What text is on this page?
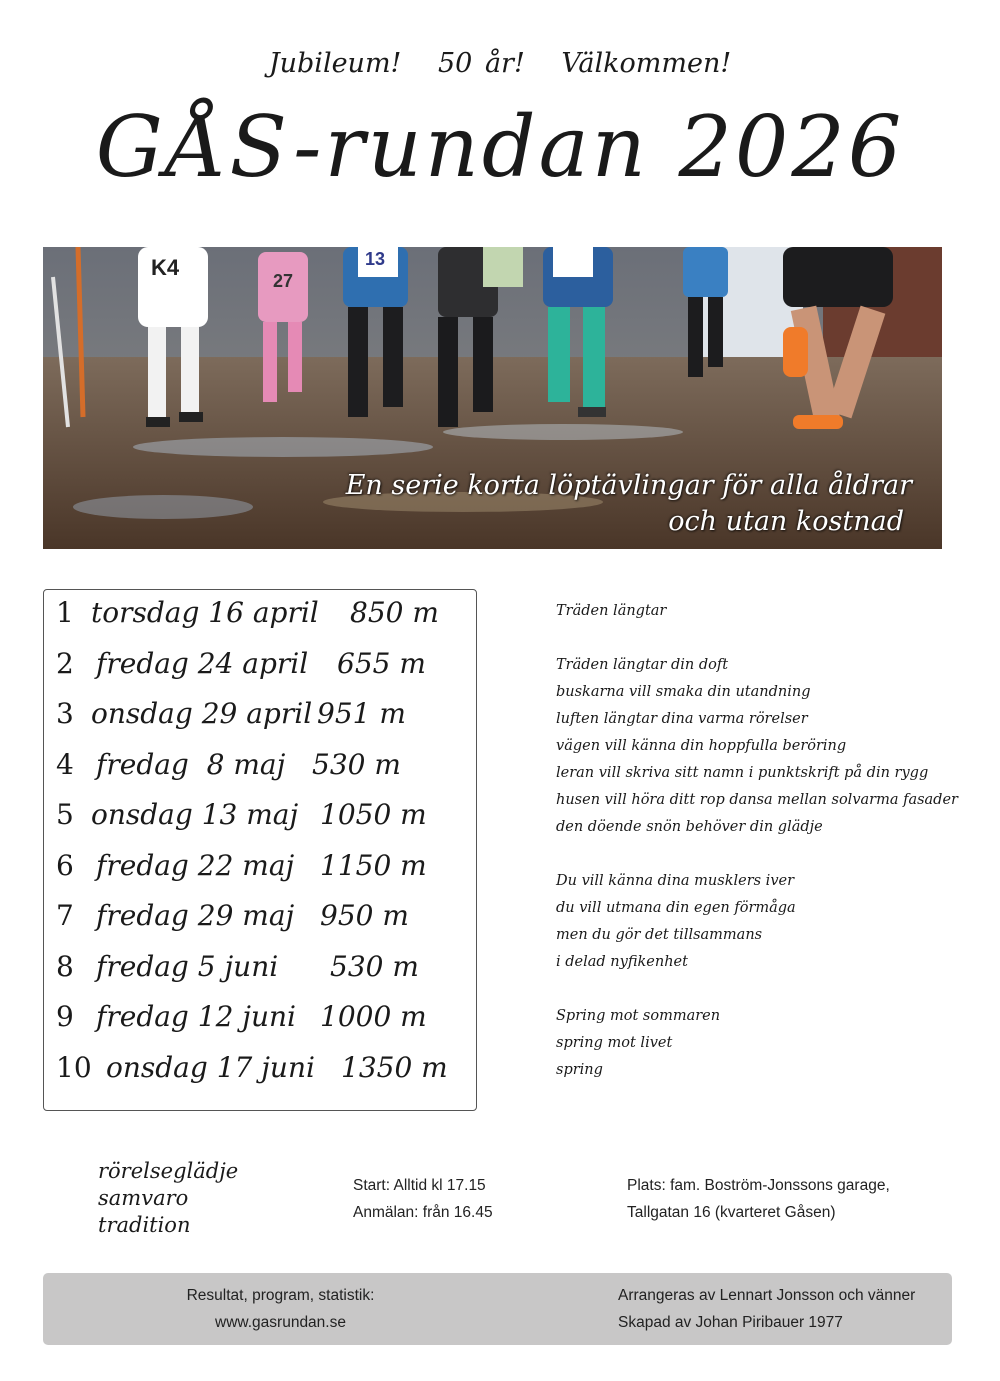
Jubileum! 50 år! Välkommen!
GÅS-rundan 2026
K4	13
27
En serie korta löptävlingar för alla åldrar
och utan kostnad
1 torsdag 16 april 850 m
2 fredag 24 april 655 m
3 onsdag 29 april 951 m
4 fredag  8 maj 530 m
5 onsdag 13 maj 1050 m
6 fredag 22 maj 1150 m
7 fredag 29 maj 950 m
8 fredag 5 juni 530 m
9 fredag 12 juni 1000 m
10 onsdag 17 juni 1350 m
Träden längtar
Träden längtar din doft
buskarna vill smaka din utandning
luften längtar dina varma rörelser
vägen vill känna din hoppfulla beröring
leran vill skriva sitt namn i punktskrift på din rygg
husen vill höra ditt rop dansa mellan solvarma fasader
den döende snön behöver din glädje
Du vill känna dina musklers iver
du vill utmana din egen förmåga
men du gör det tillsammans
i delad nyfikenhet
Spring mot sommaren
spring mot livet
spring
rörelseglädje
samvaro
tradition
Start: Alltid kl 17.15
Anmälan: från 16.45
Plats: fam. Boström-Jonssons garage,
Tallgatan 16 (kvarteret Gåsen)
Resultat, program, statistik:
www.gasrundan.se
Arrangeras av Lennart Jonsson och vänner
Skapad av Johan Piribauer 1977
